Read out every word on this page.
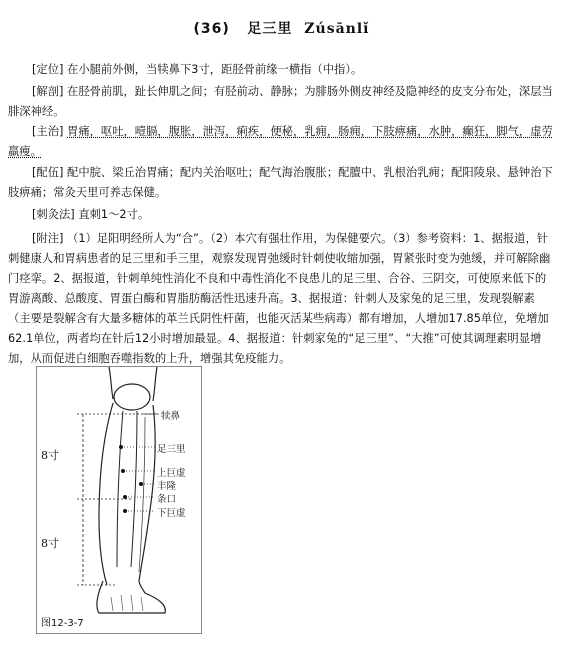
(36) 足三里 Zúsānlǐ

[定位] 在小腿前外侧，当犊鼻下3寸，距胫骨前缘一横指（中指）。

[解剖] 在胫骨前肌，趾长伸肌之间；有胫前动、静脉；为腓肠外侧皮神经及隐神经的皮支分布处，深层当腓深神经。

[主治] 胃痛，呕吐，噎膈，腹胀，泄泻，痢疾，便秘，乳痈，肠痈，下肢痹痛，水肿，癫狂，脚气，虚劳羸瘦。

[配伍] 配中脘、梁丘治胃痛；配内关治呕吐；配气海治腹胀；配膻中、乳根治乳痈；配阳陵泉、悬钟治下肢痹痛；常灸天里可养志保健。

[刺灸法] 直刺1～2寸。

[附注] （1）足阳明经所人为“合”。（2）本穴有强壮作用，为保健要穴。（3）参考资料：1、据报道，针刺健康人和胃病患者的足三里和手三里，观察发现胃弛缓时针刺使收缩加强，胃紧张时变为弛缓，并可解除幽门痉挛。2、据报道，针刺单纯性消化不良和中毒性消化不良患儿的足三里、合谷、三阴交，可使原来低下的胃游离酸、总酸度、胃蛋白酶和胃脂肪酶活性迅速升高。3、据报道：针刺人及家兔的足三里，发现裂解素（主要是裂解含有大量多糖体的革兰氏阴性杆菌，也能灭活某些病毒）都有增加，人增加17.85单位，免增加62.1单位，两者均在针后12小时增加最显。4、据报道：针刺家兔的“足三里”、“大推”可使其调理素明显增加，从而促进白细胞吞噬指数的上升，增强其免疫能力。

8寸
8寸
犊鼻
足三里
上巨虚
丰隆
条口
下巨虚
图12-3-7
